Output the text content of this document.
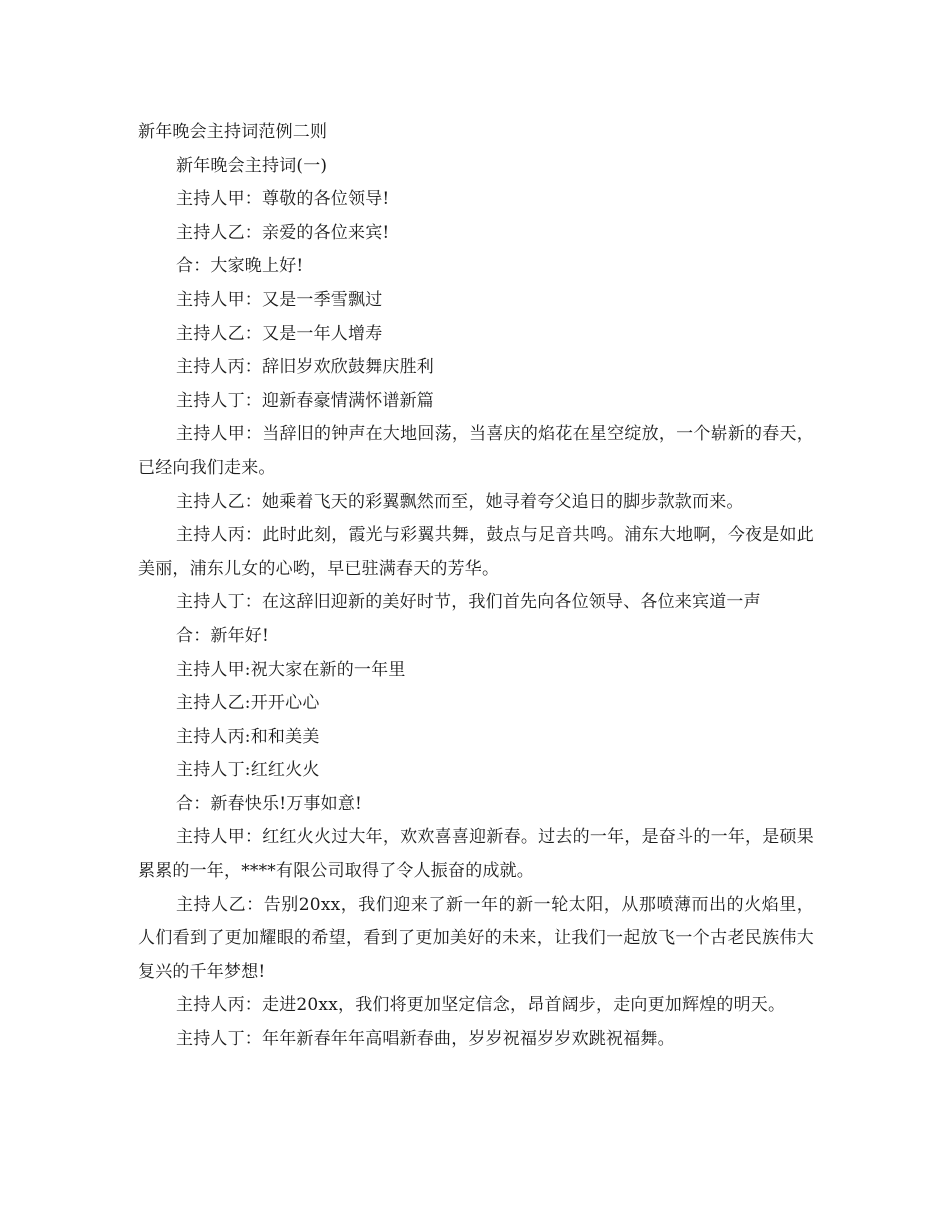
新年晚会主持词范例二则

新年晚会主持词(一)

主持人甲：尊敬的各位领导!

主持人乙：亲爱的各位来宾!

合：大家晚上好!

主持人甲：又是一季雪飘过

主持人乙：又是一年人增寿

主持人丙：辞旧岁欢欣鼓舞庆胜利

主持人丁：迎新春豪情满怀谱新篇

主持人甲：当辞旧的钟声在大地回荡，当喜庆的焰花在星空绽放，一个崭新的春天，已经向我们走来。

主持人乙：她乘着飞天的彩翼飘然而至，她寻着夸父追日的脚步款款而来。

主持人丙：此时此刻，霞光与彩翼共舞，鼓点与足音共鸣。浦东大地啊，今夜是如此美丽，浦东儿女的心哟，早已驻满春天的芳华。

主持人丁：在这辞旧迎新的美好时节，我们首先向各位领导、各位来宾道一声

合：新年好!

主持人甲:祝大家在新的一年里

主持人乙:开开心心

主持人丙:和和美美

主持人丁:红红火火

合：新春快乐!万事如意!

主持人甲：红红火火过大年，欢欢喜喜迎新春。过去的一年，是奋斗的一年，是硕果累累的一年，****有限公司取得了令人振奋的成就。

主持人乙：告别20xx，我们迎来了新一年的新一轮太阳，从那喷薄而出的火焰里，人们看到了更加耀眼的希望，看到了更加美好的未来，让我们一起放飞一个古老民族伟大复兴的千年梦想!

主持人丙：走进20xx，我们将更加坚定信念，昂首阔步，走向更加辉煌的明天。

主持人丁：年年新春年年高唱新春曲，岁岁祝福岁岁欢跳祝福舞。
